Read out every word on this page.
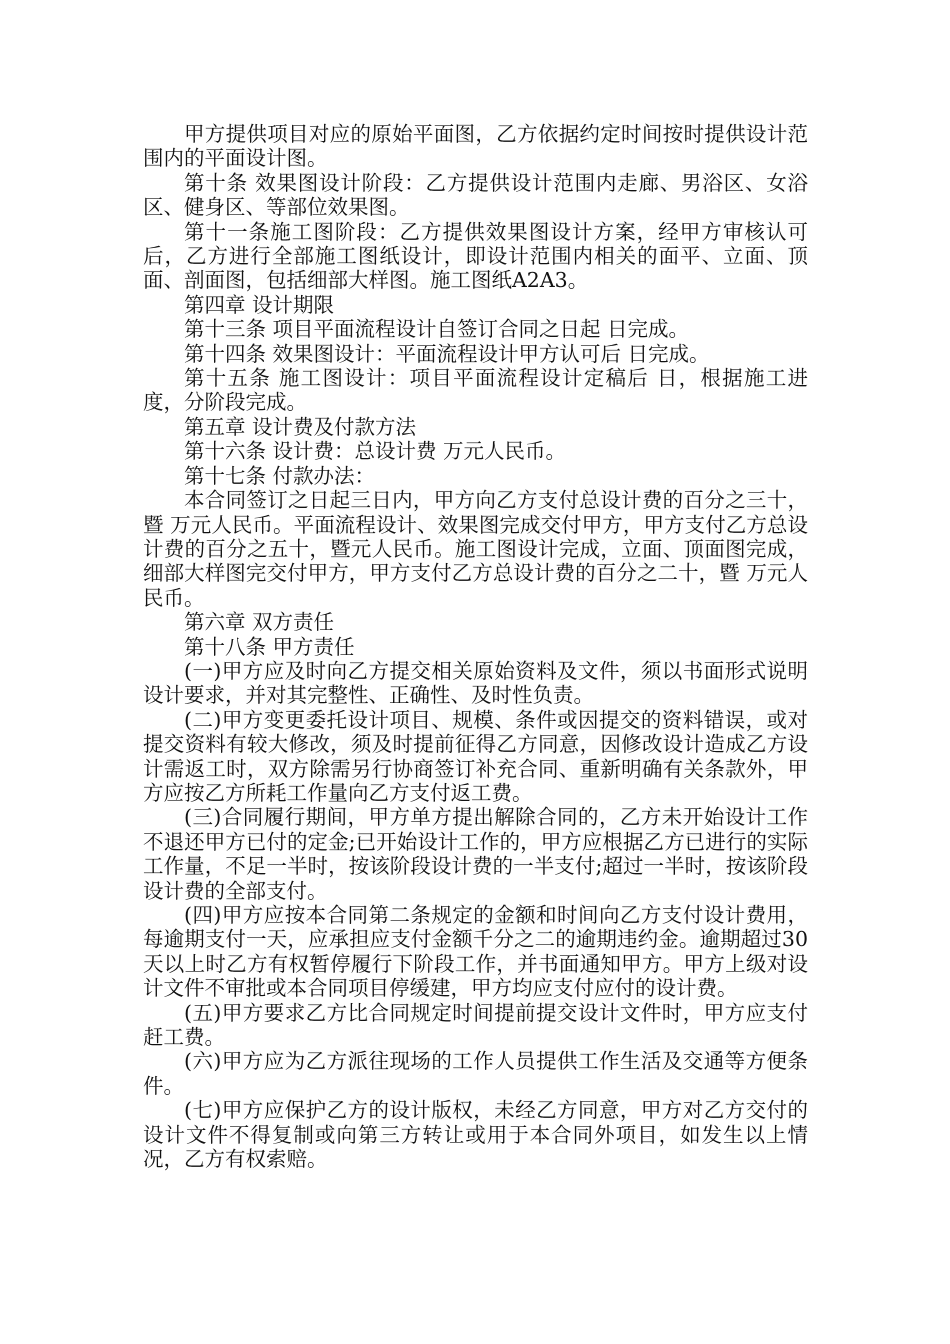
甲方提供项目对应的原始平面图，乙方依据约定时间按时提供设计范围内的平面设计图。

第十条 效果图设计阶段：乙方提供设计范围内走廊、男浴区、女浴区、健身区、等部位效果图。

第十一条施工图阶段：乙方提供效果图设计方案，经甲方审核认可后，乙方进行全部施工图纸设计，即设计范围内相关的面平、立面、顶面、剖面图，包括细部大样图。施工图纸A2A3。

第四章 设计期限

第十三条 项目平面流程设计自签订合同之日起 日完成。

第十四条 效果图设计：平面流程设计甲方认可后 日完成。

第十五条 施工图设计：项目平面流程设计定稿后 日，根据施工进度，分阶段完成。

第五章 设计费及付款方法

第十六条 设计费：总设计费 万元人民币。

第十七条 付款办法：

本合同签订之日起三日内，甲方向乙方支付总设计费的百分之三十，暨 万元人民币。平面流程设计、效果图完成交付甲方，甲方支付乙方总设计费的百分之五十，暨元人民币。施工图设计完成，立面、顶面图完成，细部大样图完交付甲方，甲方支付乙方总设计费的百分之二十，暨 万元人民币。

第六章 双方责任

第十八条 甲方责任

(一)甲方应及时向乙方提交相关原始资料及文件，须以书面形式说明设计要求，并对其完整性、正确性、及时性负责。

(二)甲方变更委托设计项目、规模、条件或因提交的资料错误，或对提交资料有较大修改，须及时提前征得乙方同意，因修改设计造成乙方设计需返工时，双方除需另行协商签订补充合同、重新明确有关条款外，甲方应按乙方所耗工作量向乙方支付返工费。

(三)合同履行期间，甲方单方提出解除合同的，乙方未开始设计工作不退还甲方已付的定金;已开始设计工作的，甲方应根据乙方已进行的实际工作量，不足一半时，按该阶段设计费的一半支付;超过一半时，按该阶段设计费的全部支付。

(四)甲方应按本合同第二条规定的金额和时间向乙方支付设计费用，每逾期支付一天，应承担应支付金额千分之二的逾期违约金。逾期超过30天以上时乙方有权暂停履行下阶段工作，并书面通知甲方。甲方上级对设计文件不审批或本合同项目停缓建，甲方均应支付应付的设计费。

(五)甲方要求乙方比合同规定时间提前提交设计文件时，甲方应支付赶工费。

(六)甲方应为乙方派往现场的工作人员提供工作生活及交通等方便条件。

(七)甲方应保护乙方的设计版权，未经乙方同意，甲方对乙方交付的设计文件不得复制或向第三方转让或用于本合同外项目，如发生以上情况，乙方有权索赔。
